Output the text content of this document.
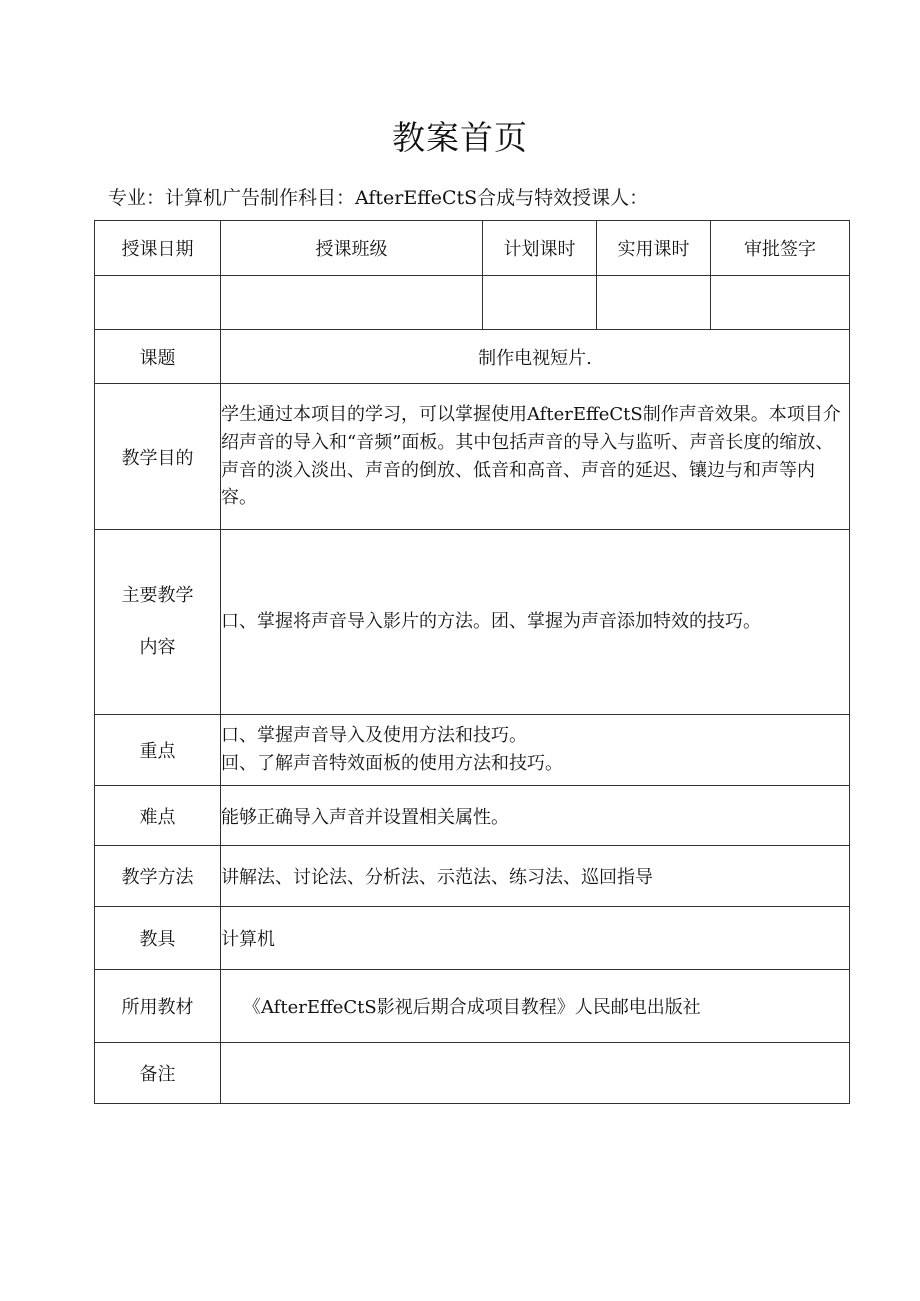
教案首页
专业：计算机广告制作科目：AfterEffeCtS合成与特效授课人：
授课日期	授课班级	计划课时	实用课时	审批签字

课题	制作电视短片.			
教学目的	学生通过本项目的学习，可以掌握使用AfterEffeCtS制作声音效果。本项目介绍声音的导入和“音频”面板。其中包括声音的导入与监听、声音长度的缩放、声音的淡入淡出、声音的倒放、低音和高音、声音的延迟、镶边与和声等内容。			

主要教学
内容	口、掌握将声音导入影片的方法。团、掌握为声音添加特效的技巧。			
重点	口、掌握声音导入及使用方法和技巧。
回、了解声音特效面板的使用方法和技巧。			

难点	能够正确导入声音并设置相关属性。			
教学方法	讲解法、讨论法、分析法、示范法、练习法、巡回指导			
教具	计算机			
所用教材	《AfterEffeCtS影视后期合成项目教程》人民邮电出版社			
备注				
